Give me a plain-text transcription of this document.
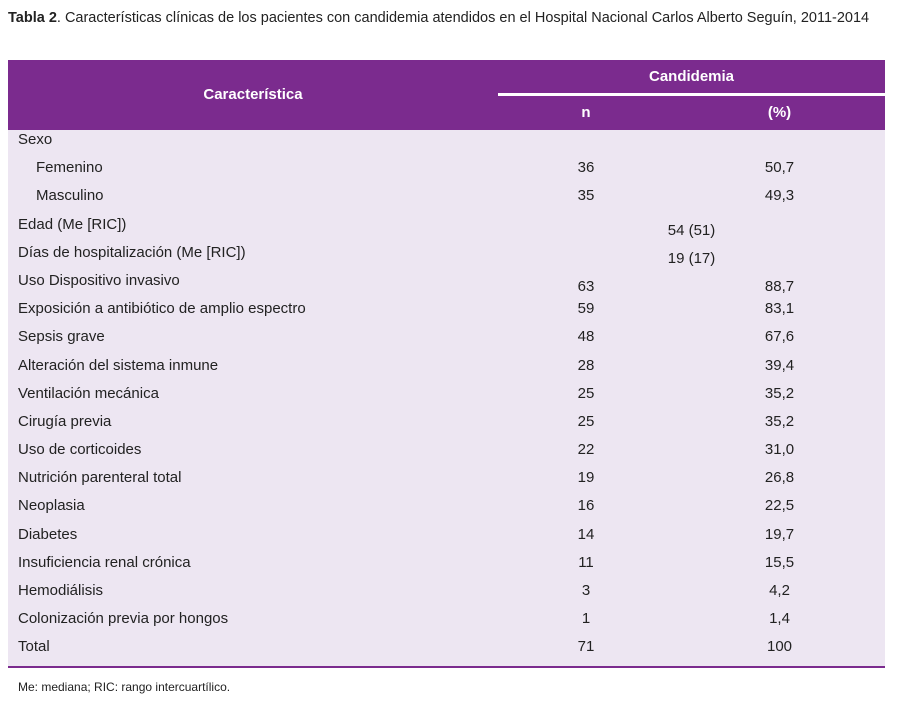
Tabla 2. Características clínicas de los pacientes con candidemia atendidos en el Hospital Nacional Carlos Alberto Seguín, 2011-2014
Característica
Candidemia
n	(%)
Sexo
Femenino	36	50,7
Masculino	35	49,3
Edad (Me [RIC])	54 (51)
Días de hospitalización (Me [RIC])	19 (17)
Uso Dispositivo invasivo	63	88,7
Exposición a antibiótico de amplio espectro	59	83,1
Sepsis grave	48	67,6
Alteración del sistema inmune	28	39,4
Ventilación mecánica	25	35,2
Cirugía previa	25	35,2
Uso de corticoides	22	31,0
Nutrición parenteral total	19	26,8
Neoplasia	16	22,5
Diabetes	14	19,7
Insuficiencia renal crónica	11	15,5
Hemodiálisis	3	4,2
Colonización previa por hongos	1	1,4
Total	71	100
Me: mediana; RIC: rango intercuartílico.
